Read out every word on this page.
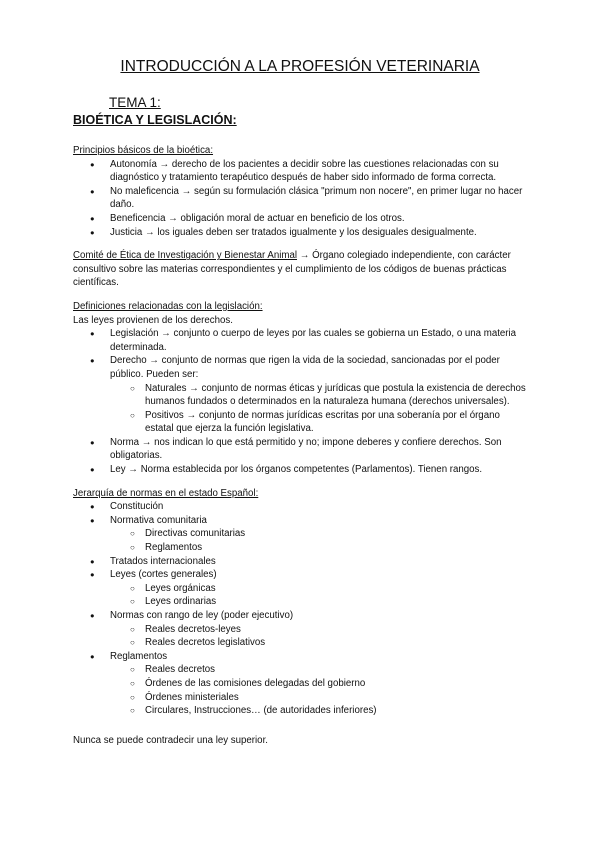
INTRODUCCIÓN A LA PROFESIÓN VETERINARIA
TEMA 1:
BIOÉTICA Y LEGISLACIÓN:

Principios básicos de la bioética:

● Autonomía → derecho de los pacientes a decidir sobre las cuestiones relacionadas con su diagnóstico y tratamiento terapéutico después de haber sido informado de forma correcta.
● No maleficencia → según su formulación clásica "primum non nocere", en primer lugar no hacer daño.
● Beneficencia → obligación moral de actuar en beneficio de los otros.
● Justicia → los iguales deben ser tratados igualmente y los desiguales desigualmente.

Comité de Ética de Investigación y Bienestar Animal → Órgano colegiado independiente, con carácter consultivo sobre las materias correspondientes y el cumplimiento de los códigos de buenas prácticas científicas.

Definiciones relacionadas con la legislación:

Las leyes provienen de los derechos.

● Legislación → conjunto o cuerpo de leyes por las cuales se gobierna un Estado, o una materia determinada.
● Derecho → conjunto de normas que rigen la vida de la sociedad, sancionadas por el poder público. Pueden ser:
○ Naturales → conjunto de normas éticas y jurídicas que postula la existencia de derechos humanos fundados o determinados en la naturaleza humana (derechos universales).
○ Positivos → conjunto de normas jurídicas escritas por una soberanía por el órgano estatal que ejerza la función legislativa.
● Norma → nos indican lo que está permitido y no; impone deberes y confiere derechos. Son obligatorias.
● Ley → Norma establecida por los órganos competentes (Parlamentos). Tienen rangos.

Jerarquía de normas en el estado Español:

● Constitución
● Normativa comunitaria
○ Directivas comunitarias
○ Reglamentos
● Tratados internacionales
● Leyes (cortes generales)
○ Leyes orgánicas
○ Leyes ordinarias
● Normas con rango de ley (poder ejecutivo)
○ Reales decretos-leyes
○ Reales decretos legislativos
● Reglamentos
○ Reales decretos
○ Órdenes de las comisiones delegadas del gobierno
○ Órdenes ministeriales
○ Circulares, Instrucciones… (de autoridades inferiores)

Nunca se puede contradecir una ley superior.
